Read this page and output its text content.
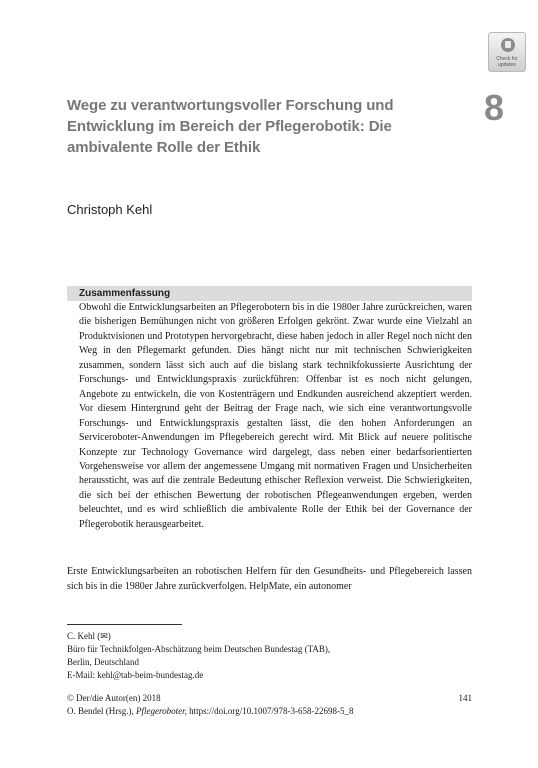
Check for updates
Wege zu verantwortungsvoller Forschung und Entwicklung im Bereich der Pflegerobotik: Die ambivalente Rolle der Ethik
8
Christoph Kehl
Zusammenfassung

Obwohl die Entwicklungsarbeiten an Pflegerobotern bis in die 1980er Jahre zurückreichen, waren die bisherigen Bemühungen nicht von größeren Erfolgen gekrönt. Zwar wurde eine Vielzahl an Produktvisionen und Prototypen hervorgebracht, diese haben jedoch in aller Regel noch nicht den Weg in den Pflegemarkt gefunden. Dies hängt nicht nur mit technischen Schwierigkeiten zusammen, sondern lässt sich auch auf die bislang stark technikfokussierte Ausrichtung der Forschungs- und Entwicklungspraxis zurückführen: Offenbar ist es noch nicht gelungen, Angebote zu entwickeln, die von Kostenträgern und Endkunden ausreichend akzeptiert werden. Vor diesem Hintergrund geht der Beitrag der Frage nach, wie sich eine verantwortungsvolle Forschungs- und Entwicklungspraxis gestalten lässt, die den hohen Anforderungen an Serviceroboter-Anwendungen im Pflegebereich gerecht wird. Mit Blick auf neuere politische Konzepte zur Technology Governance wird dargelegt, dass neben einer bedarfsorientierten Vorgehensweise vor allem der angemessene Umgang mit normativen Fragen und Unsicherheiten heraussticht, was auf die zentrale Bedeutung ethischer Reflexion verweist. Die Schwierigkeiten, die sich bei der ethischen Bewertung der robotischen Pflegeanwendungen ergeben, werden beleuchtet, und es wird schließlich die ambivalente Rolle der Ethik bei der Governance der Pflegerobotik herausgearbeitet.

Erste Entwicklungsarbeiten an robotischen Helfern für den Gesundheits- und Pflegebereich lassen sich bis in die 1980er Jahre zurückverfolgen. HelpMate, ein autonomer

C. Kehl (✉)
Büro für Technikfolgen-Abschätzung beim Deutschen Bundestag (TAB),
Berlin, Deutschland
E-Mail: kehl@tab-beim-bundestag.de
© Der/die Autor(en) 2018
O. Bendel (Hrsg.), Pflegeroboter, https://doi.org/10.1007/978-3-658-22698-5_8
141
